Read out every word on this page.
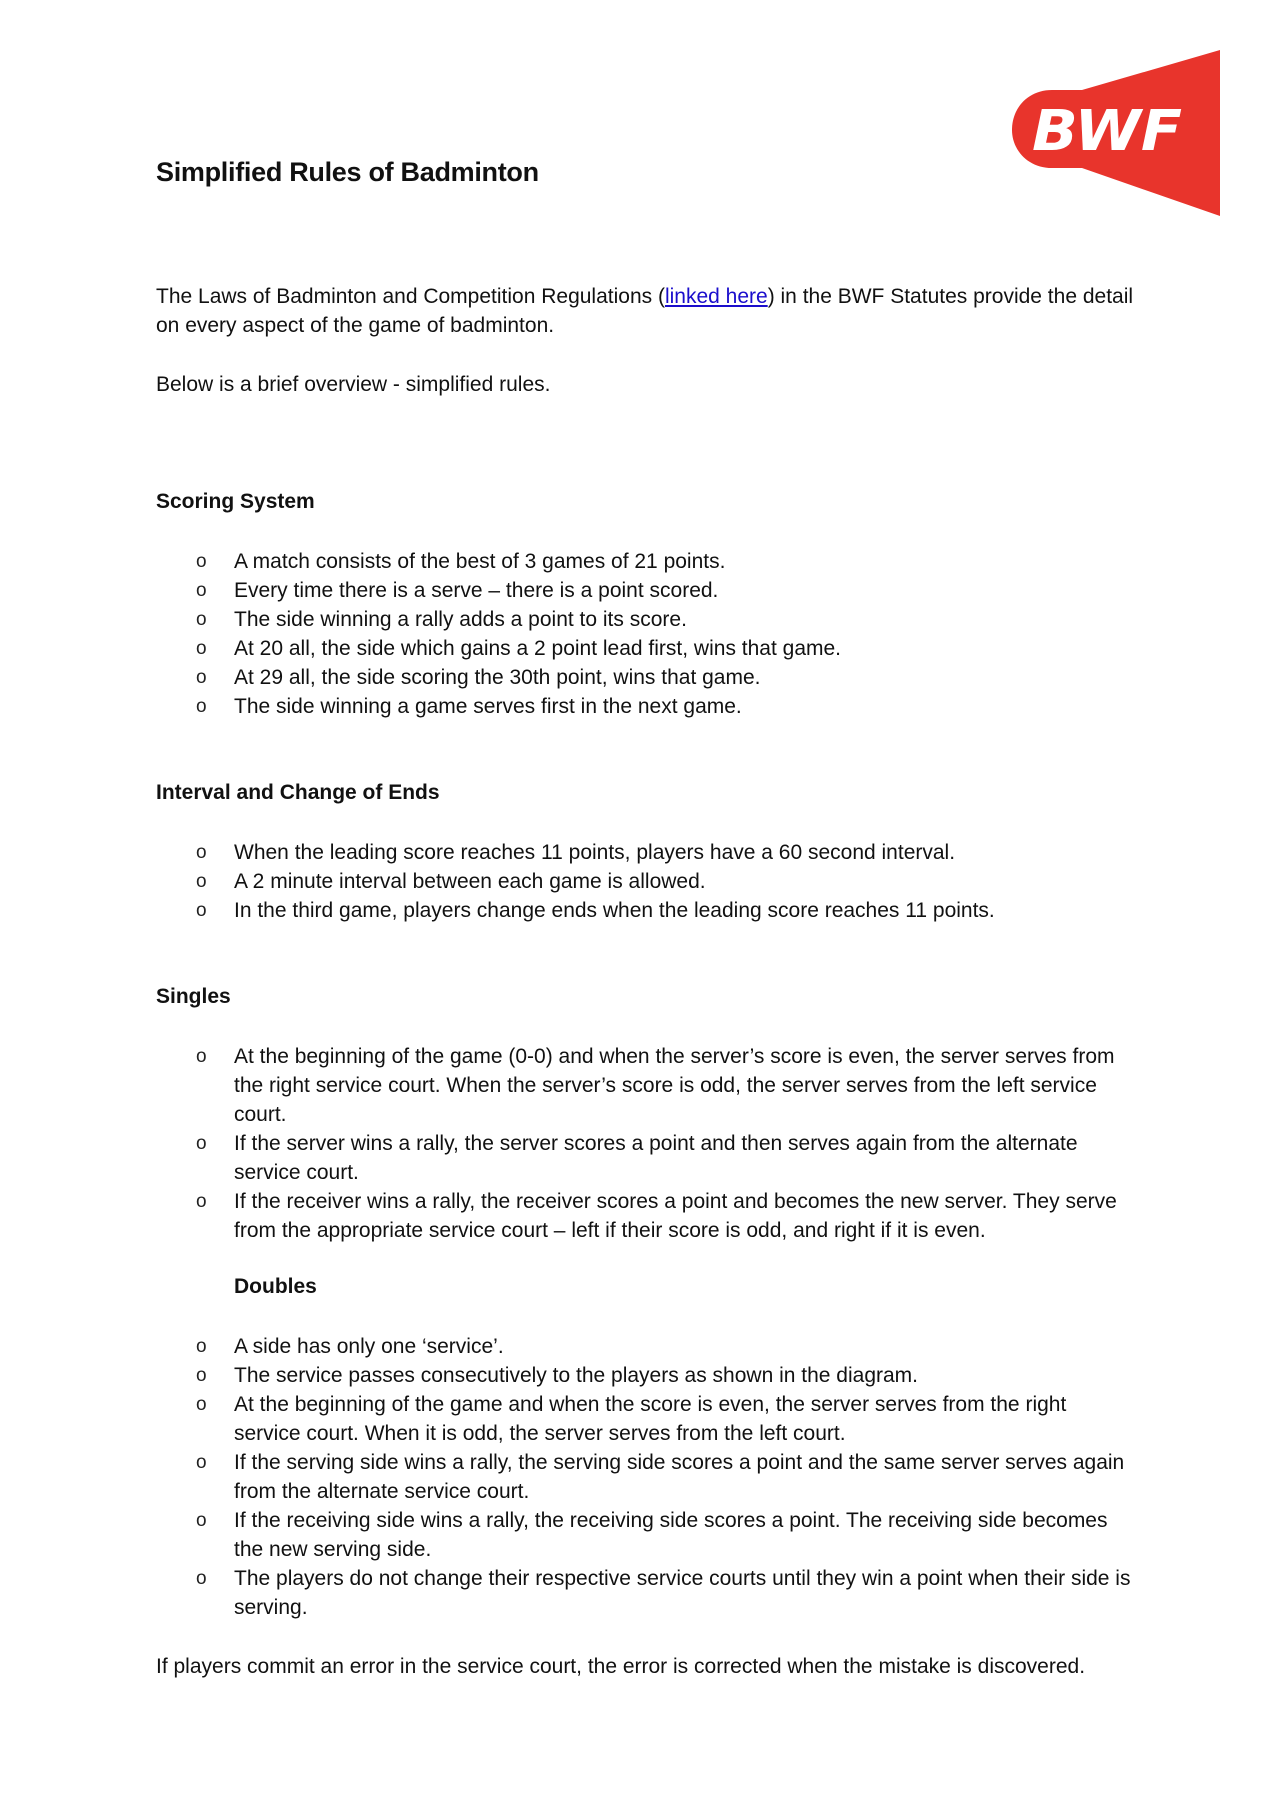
BWF
Simplified Rules of Badminton

The Laws of Badminton and Competition Regulations (linked here) in the BWF Statutes provide the detail on every aspect of the game of badminton.

Below is a brief overview - simplified rules.

Scoring System
o A match consists of the best of 3 games of 21 points.
o Every time there is a serve – there is a point scored.
o The side winning a rally adds a point to its score.
o At 20 all, the side which gains a 2 point lead first, wins that game.
o At 29 all, the side scoring the 30th point, wins that game.
o The side winning a game serves first in the next game.
Interval and Change of Ends
o When the leading score reaches 11 points, players have a 60 second interval.
o A 2 minute interval between each game is allowed.
o In the third game, players change ends when the leading score reaches 11 points.
Singles
o At the beginning of the game (0-0) and when the server’s score is even, the server serves from the right service court. When the server’s score is odd, the server serves from the left service court.
o If the server wins a rally, the server scores a point and then serves again from the alternate service court.
o If the receiver wins a rally, the receiver scores a point and becomes the new server. They serve from the appropriate service court – left if their score is odd, and right if it is even.
Doubles
o A side has only one ‘service’.
o The service passes consecutively to the players as shown in the diagram.
o At the beginning of the game and when the score is even, the server serves from the right service court. When it is odd, the server serves from the left court.
o If the serving side wins a rally, the serving side scores a point and the same server serves again from the alternate service court.
o If the receiving side wins a rally, the receiving side scores a point. The receiving side becomes the new serving side.
o The players do not change their respective service courts until they win a point when their side is serving.

If players commit an error in the service court, the error is corrected when the mistake is discovered.
